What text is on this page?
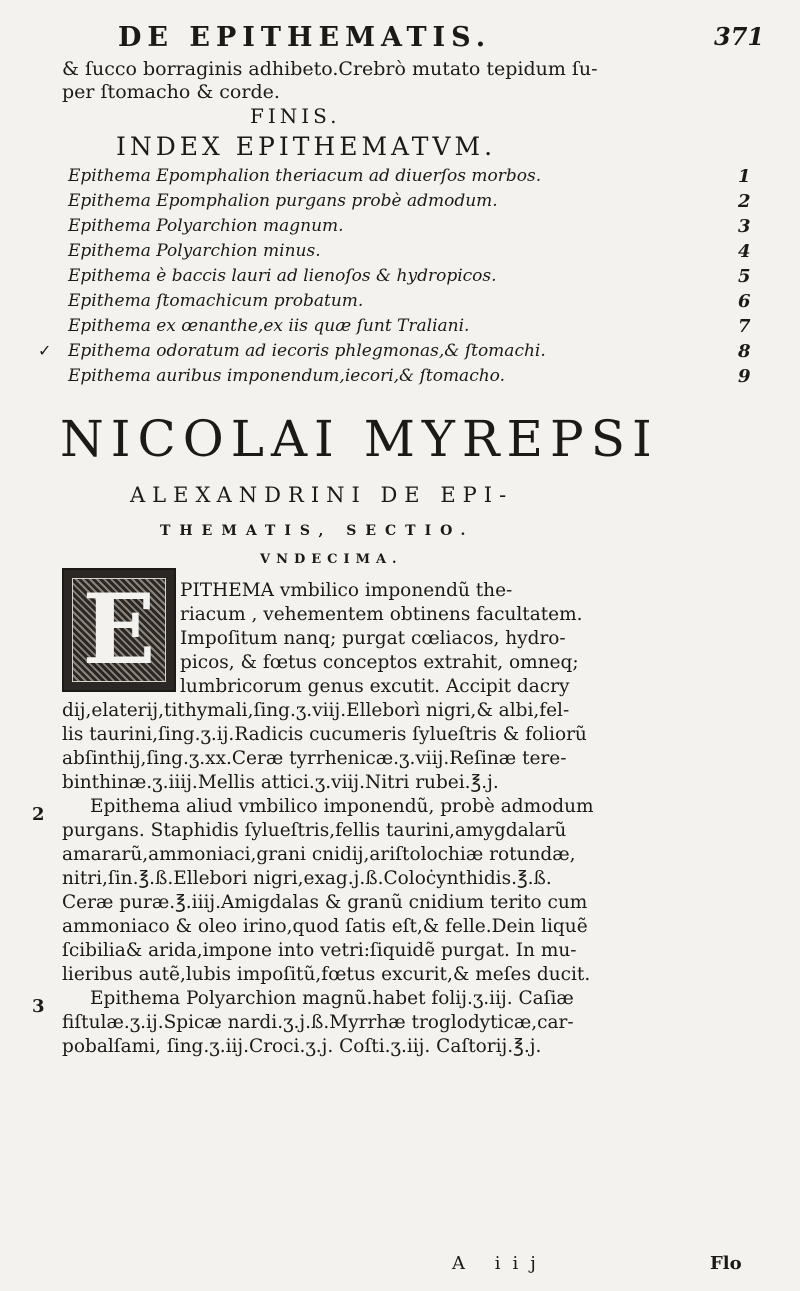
DE EPITHEMATIS.	371
& ſucco borraginis adhibeto.Crebrò mutato tepidum ſu-
per ſtomacho & corde.
FINIS.
INDEX EPITHEMATVM.
Epithema Epomphalion theriacum ad diuerſos morbos.	1
Epithema Epomphalion purgans probè admodum.	2
Epithema Polyarchion magnum.	3
Epithema Polyarchion minus.	4
Epithema è baccis lauri ad lienoſos & hydropicos.	5
Epithema ſtomachicum probatum.	6
Epithema ex œnanthe,ex iis quæ ſunt Traliani.	7
Epithema odoratum ad iecoris phlegmonas,& ſtomachi.	8
Epithema auribus imponendum,iecori,& ſtomacho.	9
✓
NICOLAI MYREPSI
ALEXANDRINI DE EPI-
THEMATIS, SECTIO.
VNDECIMA.
E	PITHEMA vmbilico imponendũ the-
riacum , vehementem obtinens facultatem.
Impoſitum nanq; purgat cœliacos, hydro-
picos, & fœtus conceptos extrahit, omneq;
lumbricorum genus excutit. Accipit dacry
dij,elaterij,tithymali,ſing.ʒ.viij.Elleborì nigri,& albi,fel-
lis taurini,ſing.ʒ.ij.Radicis cucumeris ſylueſtris & foliorũ
abſinthij,ſing.ʒ.xx.Ceræ tyrrhenicæ.ʒ.viij.Reſinæ tere-
binthinæ.ʒ.iiij.Mellis attici.ʒ.viij.Nitri rubei.℥.j.
2 Epithema aliud vmbilico imponendũ, probè admodum
purgans. Staphidis ſylueſtris,fellis taurini,amygdalarũ
amararũ,ammoniaci,grani cnidij,ariſtolochiæ rotundæ,
nitri,ſin.℥.ß.Ellebori nigri,exag.j.ß.Coloċynthidis.℥.ß.
Ceræ puræ.℥.iiij.Amigdalas & granũ cnidium terito cum
ammoniaco & oleo irino,quod ſatis eſt,& felle.Dein liquẽ
ſcibilia& arida,impone into vetri:ſiquidẽ purgat. In mu-
lieribus autẽ,lubis impoſitũ,fœtus excurit,& meſes ducit.
3 Epithema Polyarchion magnũ.habet folij.ʒ.iij. Caſiæ
fiſtulæ.ʒ.ij.Spicæ nardi.ʒ.j.ß.Myrrhæ troglodyticæ,car-
pobalſami, ſing.ʒ.iij.Croci.ʒ.j. Coſti.ʒ.iij. Caſtorij.℥.j.
A iij	Flo
